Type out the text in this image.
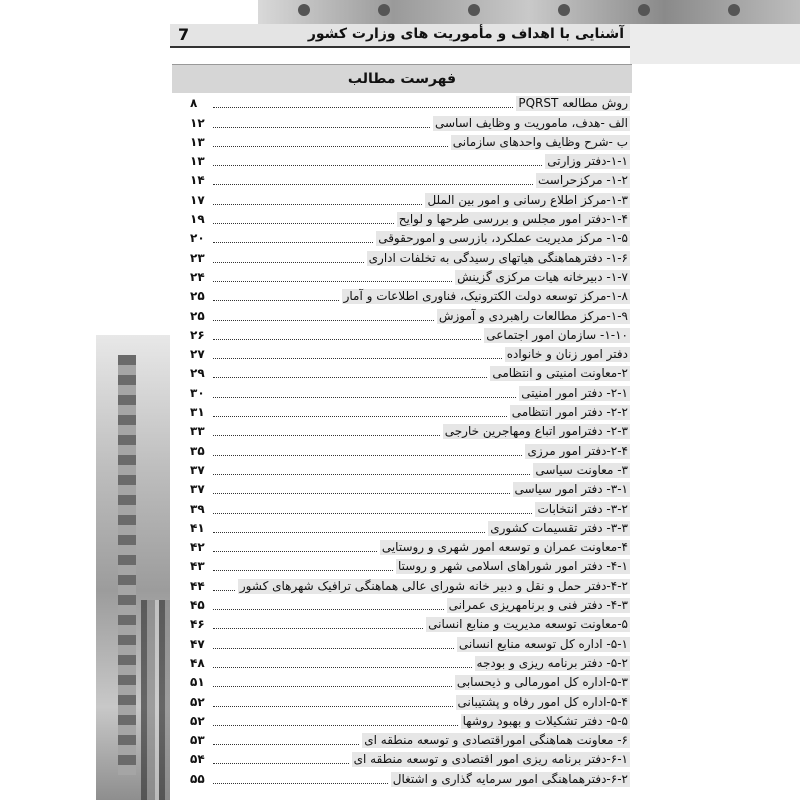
آشنایی با اهداف و مأموریت های وزارت کشور
7
فهرست مطالب
روش مطالعه PQRST
۸
الف -هدف، ماموریت و وظایف اساسی
۱۲
ب -شرح وظایف واحدهای سازمانی
۱۳
۱-۱-دفتر وزارتی
۱۳
۱-۲- مرکزحراست
۱۴
۱-۳-مرکز اطلاع رسانی و امور بین الملل
۱۷
۱-۴-دفتر امور مجلس و بررسی طرحها و لوایح
۱۹
۱-۵- مرکز مدیریت عملکرد، بازرسی و امورحقوقی
۲۰
۱-۶- دفترهماهنگی هیاتهای رسیدگی به تخلفات اداری
۲۳
۱-۷- دبیرخانه هیات مرکزی گزینش
۲۴
۱-۸-مرکز توسعه دولت الکترونیک، فناوری اطلاعات و آمار
۲۵
۱-۹-مرکز مطالعات راهبردی و آموزش
۲۵
۱-۱۰- سازمان امور اجتماعی
۲۶
دفتر امور زنان و خانواده
۲۷
۲-معاونت امنیتی و انتظامی
۲۹
۲-۱- دفتر امور امنیتی
۳۰
۲-۲- دفتر امور انتظامی
۳۱
۲-۳- دفترامور اتباع ومهاجرین خارجی
۳۳
۲-۴-دفتر امور مرزی
۳۵
۳- معاونت سیاسی
۳۷
۳-۱- دفتر امور سیاسی
۳۷
۳-۲- دفتر انتخابات
۳۹
۳-۳- دفتر تقسیمات کشوری
۴۱
۴-معاونت عمران و توسعه امور شهری و روستایی
۴۲
۴-۱- دفتر امور شوراهای اسلامی شهر و روستا
۴۳
۴-۲-دفتر حمل و نقل و دبیر خانه شورای عالی هماهنگی ترافیک شهرهای کشور
۴۴
۴-۳- دفتر فنی و برنامهریزی عمرانی
۴۵
۵-معاونت توسعه مدیریت و منابع انسانی
۴۶
۵-۱- اداره کل توسعه منابع انسانی
۴۷
۵-۲- دفتر برنامه ریزی و بودجه
۴۸
۵-۳-اداره کل امورمالی و ذیحسابی
۵۱
۵-۴-اداره کل امور رفاه و پشتیبانی
۵۲
۵-۵- دفتر تشکیلات و بهبود روشها
۵۲
۶- معاونت هماهنگی اموراقتصادی و توسعه منطقه ای
۵۳
۶-۱-دفتر برنامه ریزی امور اقتصادی و توسعه منطقه ای
۵۴
۶-۲-دفترهماهنگی امور سرمایه گذاری و اشتغال
۵۵
